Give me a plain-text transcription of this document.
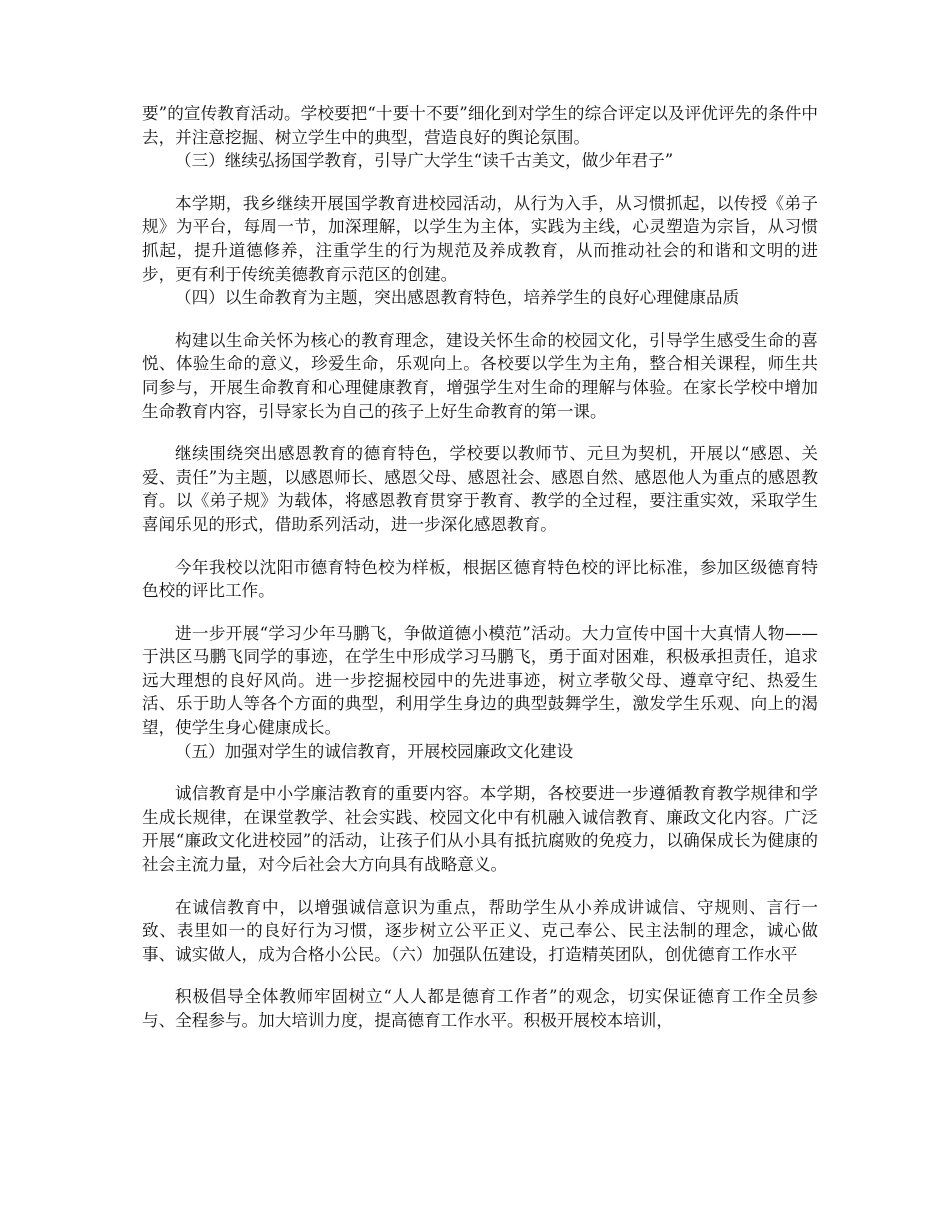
要”的宣传教育活动。学校要把“十要十不要”细化到对学生的综合评定以及评优评先的条件中去，并注意挖掘、树立学生中的典型，营造良好的舆论氛围。

（三）继续弘扬国学教育，引导广大学生“读千古美文，做少年君子”

本学期，我乡继续开展国学教育进校园活动，从行为入手，从习惯抓起，以传授《弟子规》为平台，每周一节，加深理解，以学生为主体，实践为主线，心灵塑造为宗旨，从习惯抓起，提升道德修养，注重学生的行为规范及养成教育，从而推动社会的和谐和文明的进步，更有利于传统美德教育示范区的创建。

（四）以生命教育为主题，突出感恩教育特色，培养学生的良好心理健康品质

构建以生命关怀为核心的教育理念，建设关怀生命的校园文化，引导学生感受生命的喜悦、体验生命的意义，珍爱生命，乐观向上。各校要以学生为主角，整合相关课程，师生共同参与，开展生命教育和心理健康教育，增强学生对生命的理解与体验。在家长学校中增加生命教育内容，引导家长为自己的孩子上好生命教育的第一课。

继续围绕突出感恩教育的德育特色，学校要以教师节、元旦为契机，开展以“感恩、关爱、责任”为主题，以感恩师长、感恩父母、感恩社会、感恩自然、感恩他人为重点的感恩教育。以《弟子规》为载体，将感恩教育贯穿于教育、教学的全过程，要注重实效，采取学生喜闻乐见的形式，借助系列活动，进一步深化感恩教育。

今年我校以沈阳市德育特色校为样板，根据区德育特色校的评比标准，参加区级德育特色校的评比工作。

进一步开展“学习少年马鹏飞，争做道德小模范”活动。大力宣传中国十大真情人物——于洪区马鹏飞同学的事迹，在学生中形成学习马鹏飞，勇于面对困难，积极承担责任，追求远大理想的良好风尚。进一步挖掘校园中的先进事迹，树立孝敬父母、遵章守纪、热爱生活、乐于助人等各个方面的典型，利用学生身边的典型鼓舞学生，激发学生乐观、向上的渴望，使学生身心健康成长。

（五）加强对学生的诚信教育，开展校园廉政文化建设

诚信教育是中小学廉洁教育的重要内容。本学期，各校要进一步遵循教育教学规律和学生成长规律，在课堂教学、社会实践、校园文化中有机融入诚信教育、廉政文化内容。广泛开展“廉政文化进校园”的活动，让孩子们从小具有抵抗腐败的免疫力，以确保成长为健康的社会主流力量，对今后社会大方向具有战略意义。

在诚信教育中，以增强诚信意识为重点，帮助学生从小养成讲诚信、守规则、言行一致、表里如一的良好行为习惯，逐步树立公平正义、克己奉公、民主法制的理念，诚心做事、诚实做人，成为合格小公民。（六）加强队伍建设，打造精英团队，创优德育工作水平

积极倡导全体教师牢固树立“人人都是德育工作者”的观念，切实保证德育工作全员参与、全程参与。加大培训力度，提高德育工作水平。积极开展校本培训，
